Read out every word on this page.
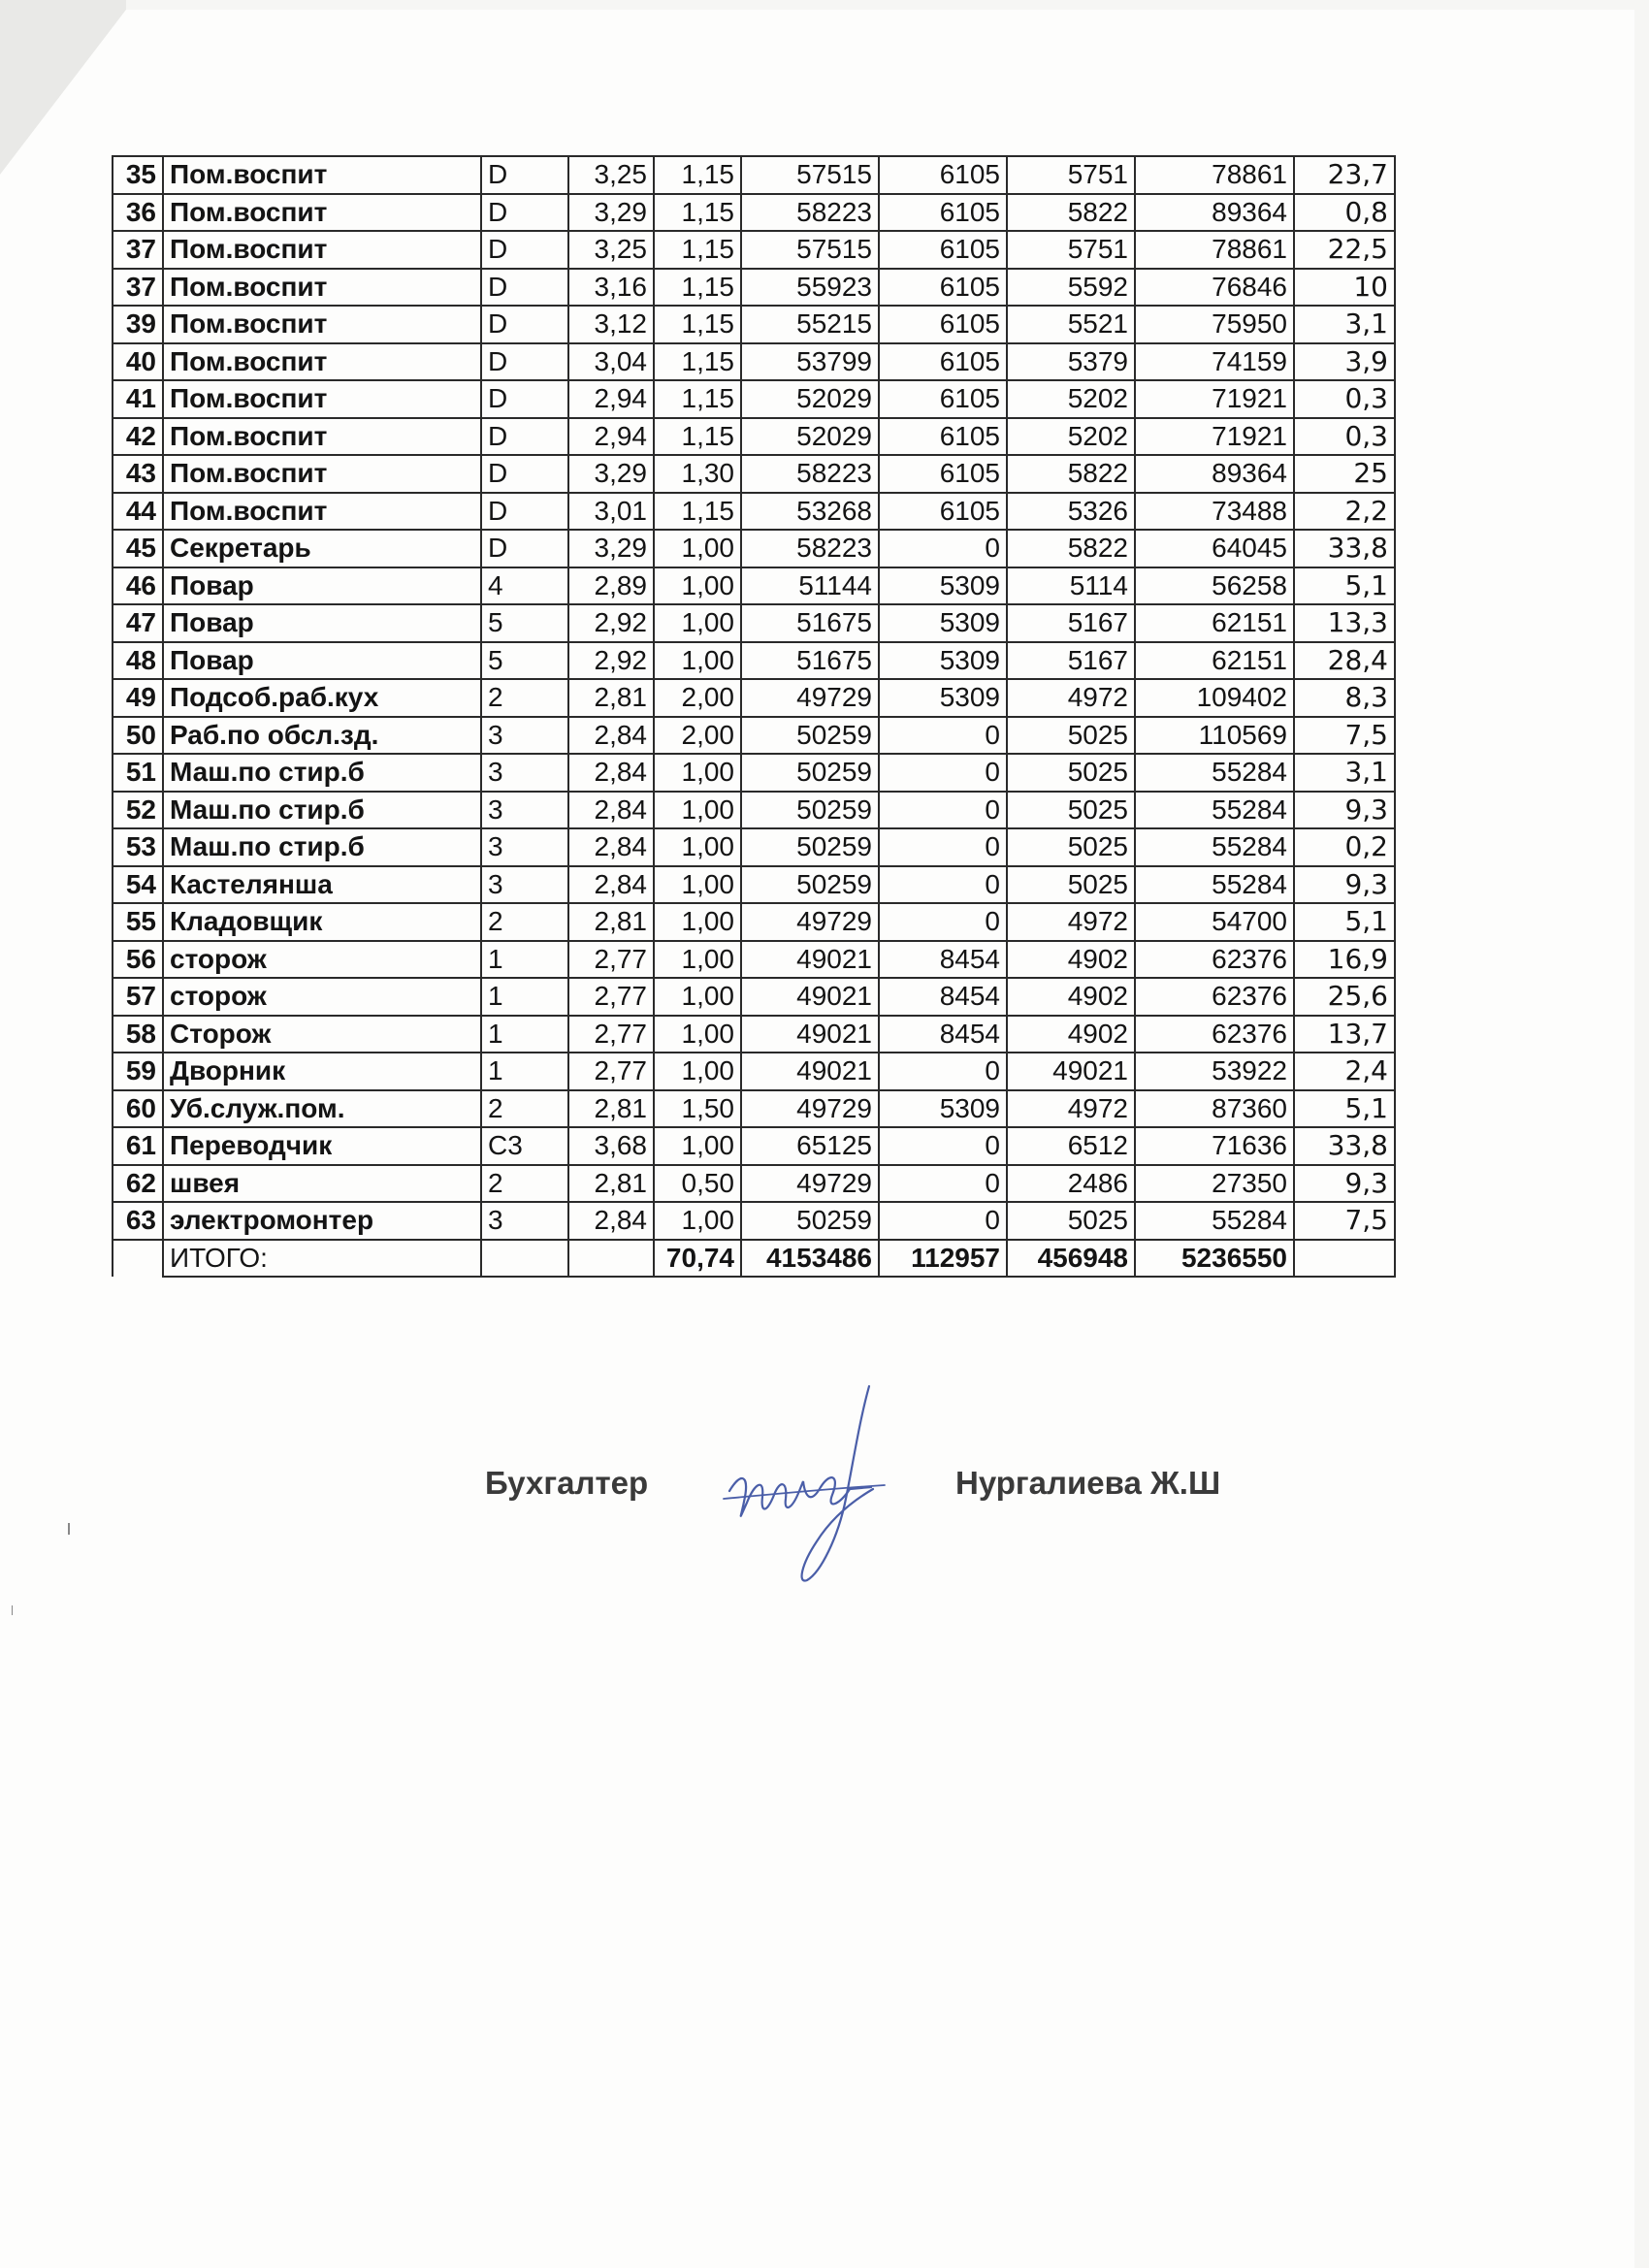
35	Пом.воспит	D	3,25	1,15	57515	6105	5751	78861	23,7
36	Пом.воспит	D	3,29	1,15	58223	6105	5822	89364	0,8
37	Пом.воспит	D	3,25	1,15	57515	6105	5751	78861	22,5
37	Пом.воспит	D	3,16	1,15	55923	6105	5592	76846	10
39	Пом.воспит	D	3,12	1,15	55215	6105	5521	75950	3,1
40	Пом.воспит	D	3,04	1,15	53799	6105	5379	74159	3,9
41	Пом.воспит	D	2,94	1,15	52029	6105	5202	71921	0,3
42	Пом.воспит	D	2,94	1,15	52029	6105	5202	71921	0,3
43	Пом.воспит	D	3,29	1,30	58223	6105	5822	89364	25
44	Пом.воспит	D	3,01	1,15	53268	6105	5326	73488	2,2
45	Секретарь	D	3,29	1,00	58223	0	5822	64045	33,8
46	Повар	4	2,89	1,00	51144	5309	5114	56258	5,1
47	Повар	5	2,92	1,00	51675	5309	5167	62151	13,3
48	Повар	5	2,92	1,00	51675	5309	5167	62151	28,4
49	Подсоб.раб.кух	2	2,81	2,00	49729	5309	4972	109402	8,3
50	Раб.по обсл.зд.	3	2,84	2,00	50259	0	5025	110569	7,5
51	Маш.по стир.б	3	2,84	1,00	50259	0	5025	55284	3,1
52	Маш.по стир.б	3	2,84	1,00	50259	0	5025	55284	9,3
53	Маш.по стир.б	3	2,84	1,00	50259	0	5025	55284	0,2
54	Кастелянша	3	2,84	1,00	50259	0	5025	55284	9,3
55	Кладовщик	2	2,81	1,00	49729	0	4972	54700	5,1
56	сторож	1	2,77	1,00	49021	8454	4902	62376	16,9
57	сторож	1	2,77	1,00	49021	8454	4902	62376	25,6
58	Сторож	1	2,77	1,00	49021	8454	4902	62376	13,7
59	Дворник	1	2,77	1,00	49021	0	49021	53922	2,4
60	Уб.служ.пом.	2	2,81	1,50	49729	5309	4972	87360	5,1
61	Переводчик	С3	3,68	1,00	65125	0	6512	71636	33,8
62	швея	2	2,81	0,50	49729	0	2486	27350	9,3
63	электромонтер	3	2,84	1,00	50259	0	5025	55284	7,5
	ИТОГО:			70,74	4153486	112957	456948	5236550	
Бухгалтер	Нургалиева Ж.Ш
